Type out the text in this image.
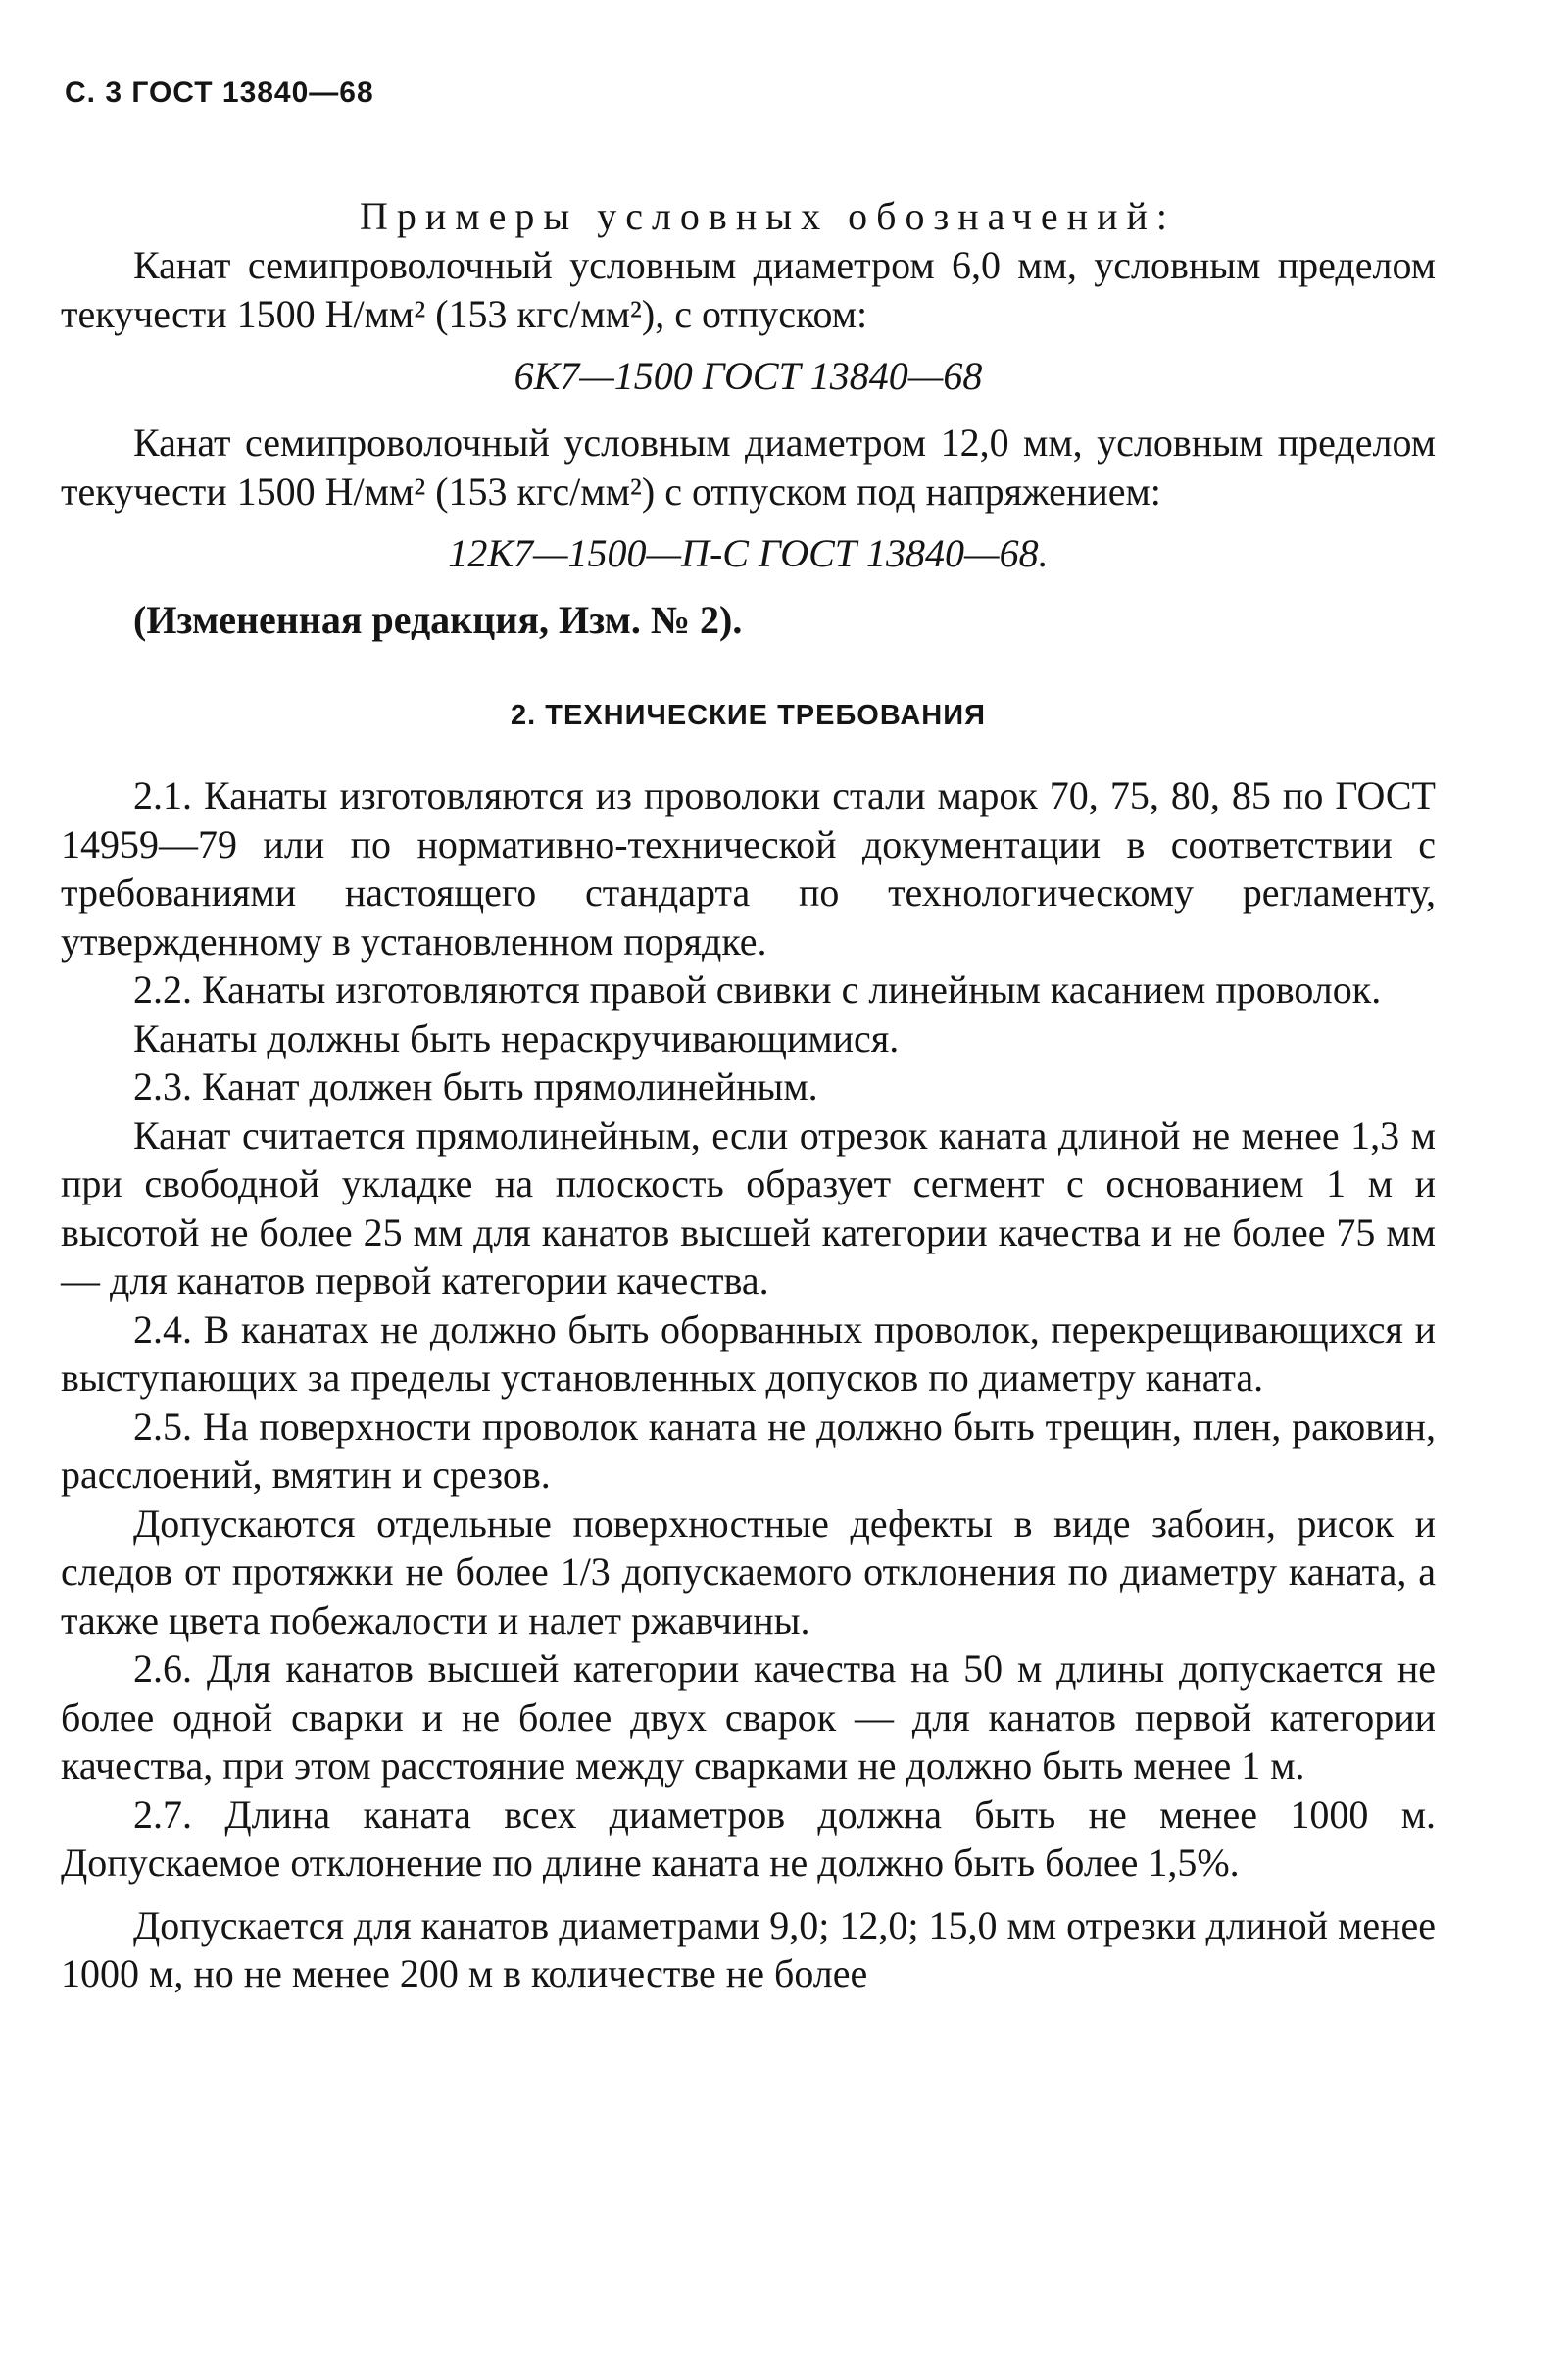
С. 3 ГОСТ 13840—68

Примеры условных обозначений:

Канат семипроволочный условным диаметром 6,0 мм, условным пределом текучести 1500 Н/мм² (153 кгс/мм²), с отпуском:

6К7—1500 ГОСТ 13840—68

Канат семипроволочный условным диаметром 12,0 мм, условным пределом текучести 1500 Н/мм² (153 кгс/мм²) с отпуском под напряжением:

12К7—1500—П-С ГОСТ 13840—68.

(Измененная редакция, Изм. № 2).

2. ТЕХНИЧЕСКИЕ ТРЕБОВАНИЯ

2.1. Канаты изготовляются из проволоки стали марок 70, 75, 80, 85 по ГОСТ 14959—79 или по нормативно-технической документации в соответствии с требованиями настоящего стандарта по технологическому регламенту, утвержденному в установленном порядке.

2.2. Канаты изготовляются правой свивки с линейным касанием проволок.

Канаты должны быть нераскручивающимися.

2.3. Канат должен быть прямолинейным.

Канат считается прямолинейным, если отрезок каната длиной не менее 1,3 м при свободной укладке на плоскость образует сегмент с основанием 1 м и высотой не более 25 мм для канатов высшей категории качества и не более 75 мм — для канатов первой категории качества.

2.4. В канатах не должно быть оборванных проволок, перекрещивающихся и выступающих за пределы установленных допусков по диаметру каната.

2.5. На поверхности проволок каната не должно быть трещин, плен, раковин, расслоений, вмятин и срезов.

Допускаются отдельные поверхностные дефекты в виде забоин, рисок и следов от протяжки не более 1/3 допускаемого отклонения по диаметру каната, а также цвета побежалости и налет ржавчины.

2.6. Для канатов высшей категории качества на 50 м длины допускается не более одной сварки и не более двух сварок — для канатов первой категории качества, при этом расстояние между сварками не должно быть менее 1 м.

2.7. Длина каната всех диаметров должна быть не менее 1000 м. Допускаемое отклонение по длине каната не должно быть более 1,5%.

Допускается для канатов диаметрами 9,0; 12,0; 15,0 мм отрезки длиной менее 1000 м, но не менее 200 м в количестве не более
